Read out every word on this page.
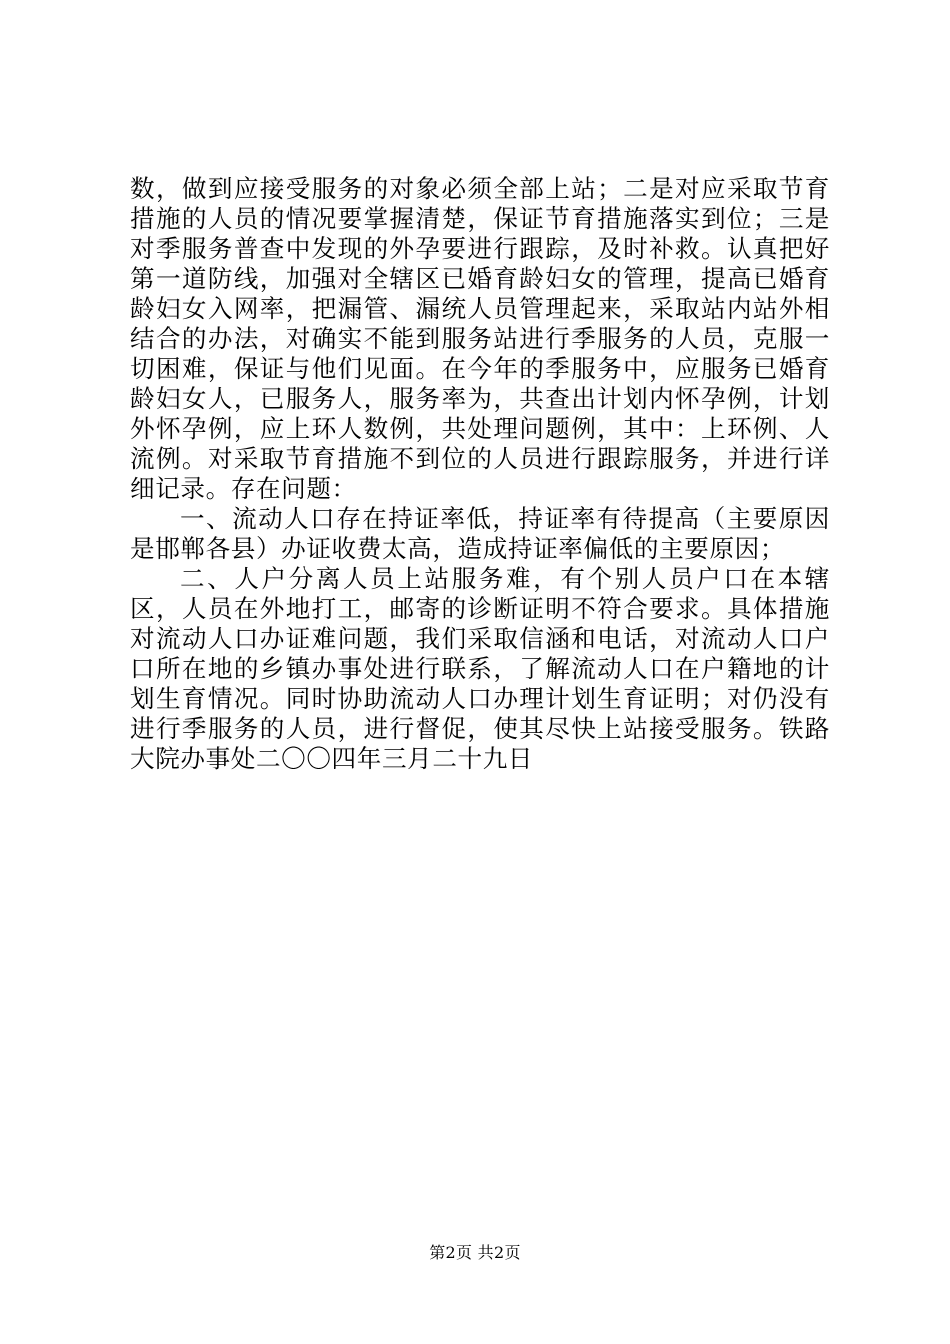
数，做到应接受服务的对象必须全部上站；二是对应采取节育措施的人员的情况要掌握清楚，保证节育措施落实到位；三是对季服务普查中发现的外孕要进行跟踪，及时补救。认真把好第一道防线，加强对全辖区已婚育龄妇女的管理，提高已婚育龄妇女入网率，把漏管、漏统人员管理起来，采取站内站外相结合的办法，对确实不能到服务站进行季服务的人员，克服一切困难，保证与他们见面。在今年的季服务中，应服务已婚育龄妇女人，已服务人，服务率为，共查出计划内怀孕例，计划外怀孕例，应上环人数例，共处理问题例，其中：上环例、人流例。对采取节育措施不到位的人员进行跟踪服务，并进行详细记录。存在问题：

一、流动人口存在持证率低，持证率有待提高（主要原因是邯郸各县）办证收费太高，造成持证率偏低的主要原因；

二、人户分离人员上站服务难，有个别人员户口在本辖区，人员在外地打工，邮寄的诊断证明不符合要求。具体措施对流动人口办证难问题，我们采取信涵和电话，对流动人口户口所在地的乡镇办事处进行联系，了解流动人口在户籍地的计划生育情况。同时协助流动人口办理计划生育证明；对仍没有进行季服务的人员，进行督促，使其尽快上站接受服务。铁路大院办事处二〇〇四年三月二十九日

第2页 共2页
